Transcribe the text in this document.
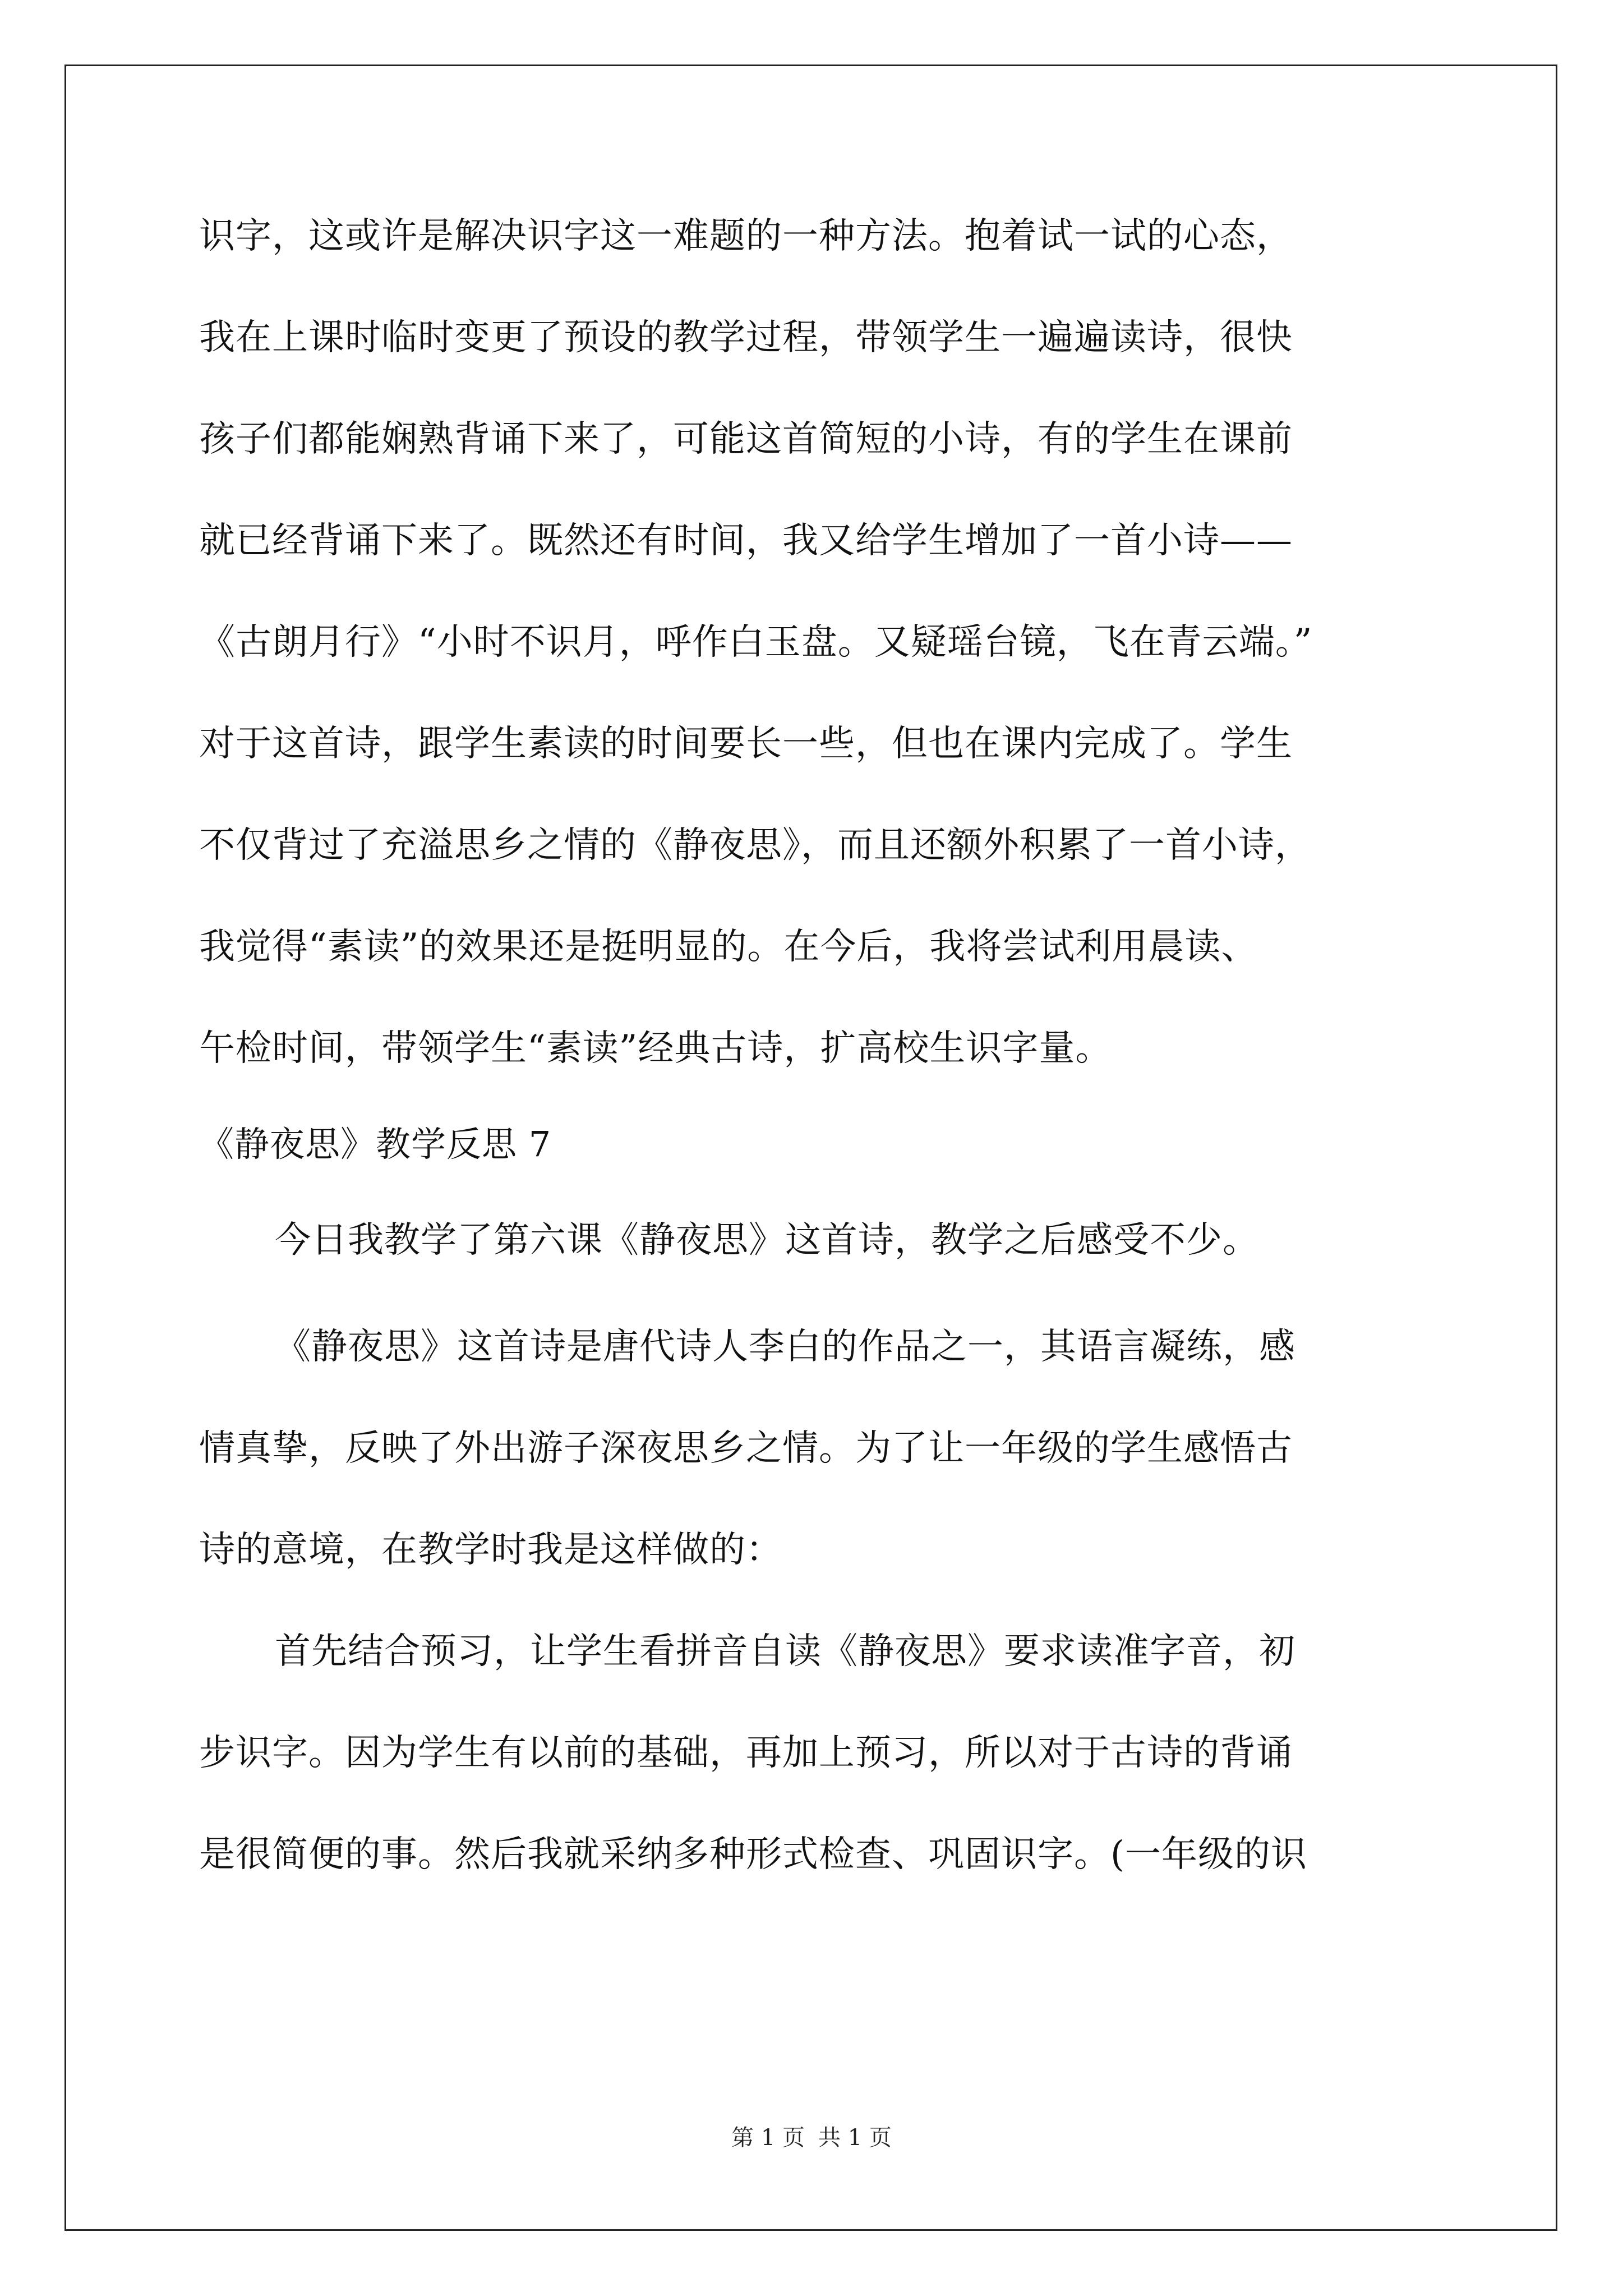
识字，这或许是解决识字这一难题的一种方法。抱着试一试的心态，
我在上课时临时变更了预设的教学过程，带领学生一遍遍读诗，很快
孩子们都能娴熟背诵下来了，可能这首简短的小诗，有的学生在课前
就已经背诵下来了。既然还有时间，我又给学生增加了一首小诗——
《古朗月行》“小时不识月，呼作白玉盘。又疑瑶台镜，飞在青云端。”
对于这首诗，跟学生素读的时间要长一些，但也在课内完成了。学生
不仅背过了充溢思乡之情的《静夜思》，而且还额外积累了一首小诗，
我觉得“素读”的效果还是挺明显的。在今后，我将尝试利用晨读、
午检时间，带领学生“素读”经典古诗，扩高校生识字量。
《静夜思》教学反思 7
今日我教学了第六课《静夜思》这首诗，教学之后感受不少。
《静夜思》这首诗是唐代诗人李白的作品之一，其语言凝练，感
情真挚，反映了外出游子深夜思乡之情。为了让一年级的学生感悟古
诗的意境，在教学时我是这样做的：
首先结合预习，让学生看拼音自读《静夜思》要求读准字音，初
步识字。因为学生有以前的基础，再加上预习，所以对于古诗的背诵
是很简便的事。然后我就采纳多种形式检查、巩固识字。(一年级的识
第 1 页 共 1 页
